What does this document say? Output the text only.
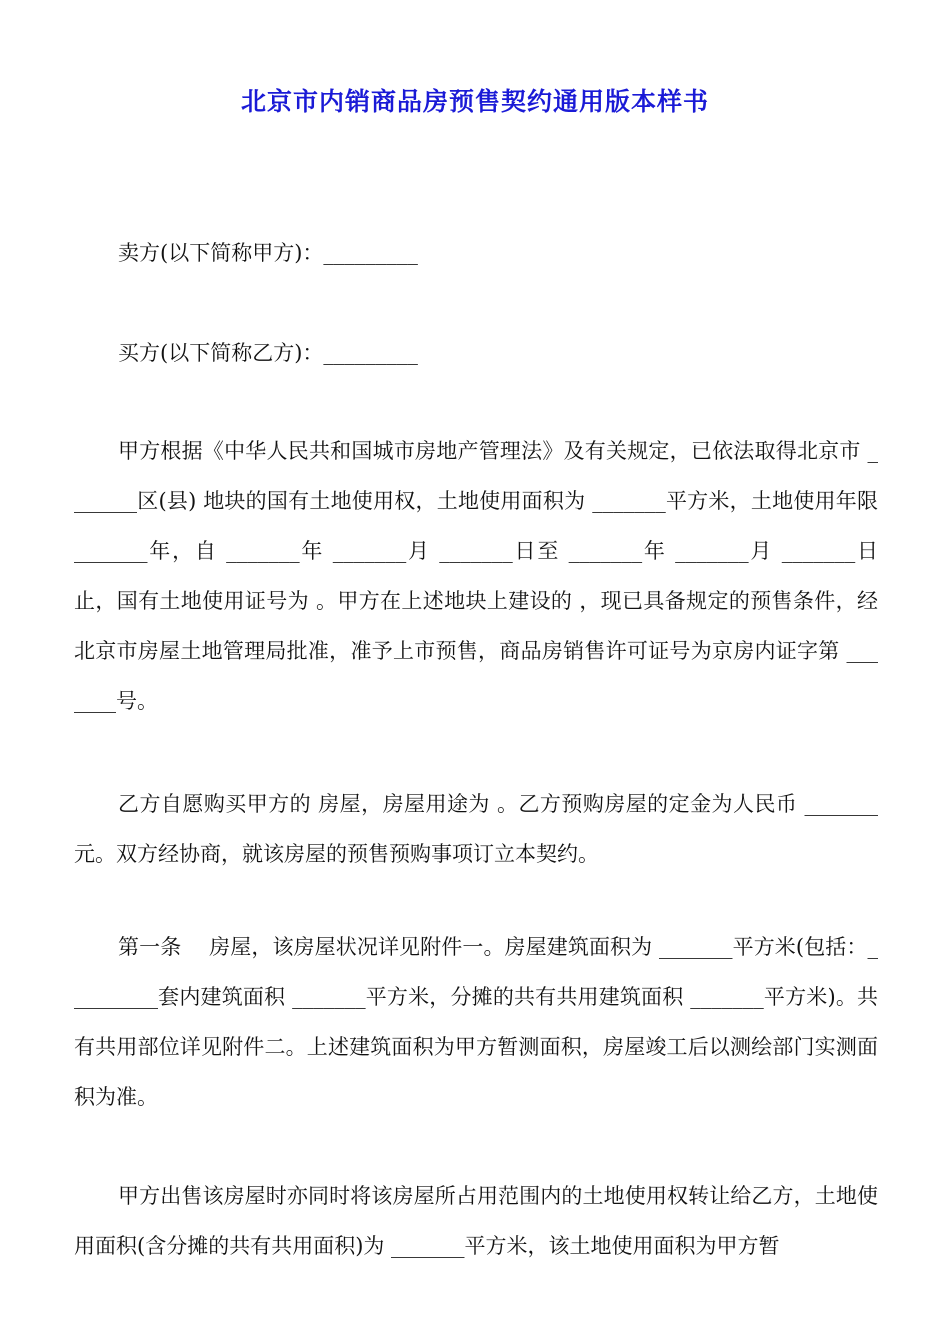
北京市内销商品房预售契约通用版本样书

卖方(以下简称甲方)：_________

买方(以下简称乙方)：_________

甲方根据《中华人民共和国城市房地产管理法》及有关规定，已依法取得北京市 _______区(县) 地块的国有土地使用权，土地使用面积为 _______平方米，土地使用年限 _______年，自 _______年 _______月 _______日至 _______年 _______月 _______日止，国有土地使用证号为 。甲方在上述地块上建设的 ，现已具备规定的预售条件，经北京市房屋土地管理局批准，准予上市预售，商品房销售许可证号为京房内证字第 _______号。

乙方自愿购买甲方的 房屋，房屋用途为 。乙方预购房屋的定金为人民币 _______元。双方经协商，就该房屋的预售预购事项订立本契约。

第一条　 房屋，该房屋状况详见附件一。房屋建筑面积为 _______平方米(包括：_________套内建筑面积 _______平方米，分摊的共有共用建筑面积 _______平方米)。共有共用部位详见附件二。上述建筑面积为甲方暂测面积，房屋竣工后以测绘部门实测面积为准。

甲方出售该房屋时亦同时将该房屋所占用范围内的土地使用权转让给乙方，土地使用面积(含分摊的共有共用面积)为 _______平方米，该土地使用面积为甲方暂
